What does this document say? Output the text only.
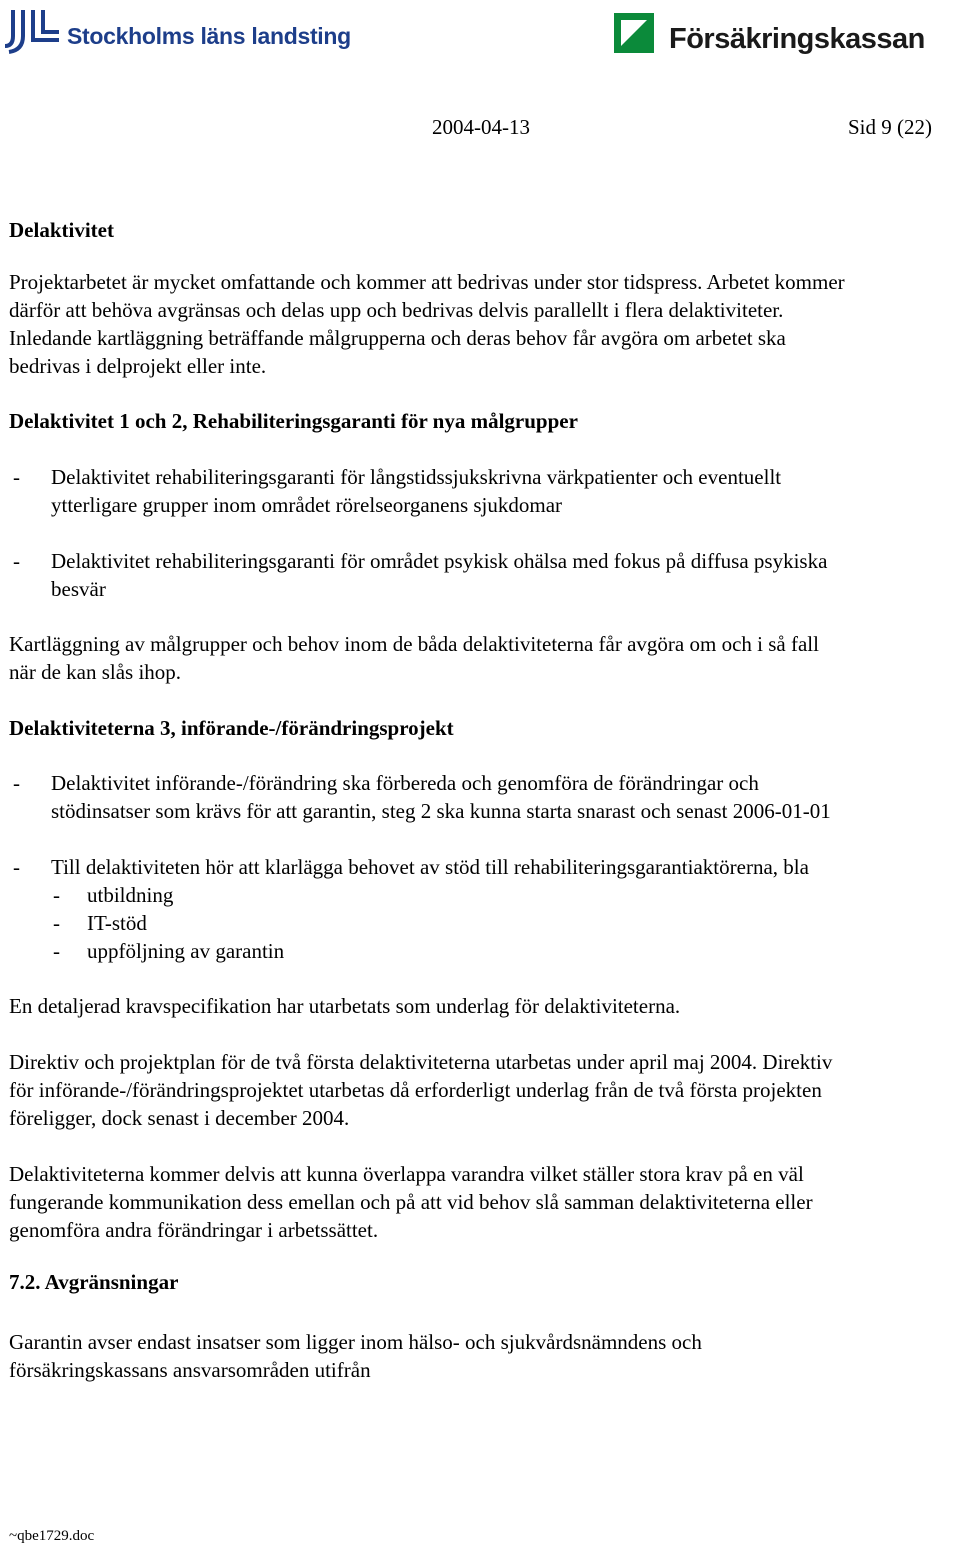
Stockholms läns landsting	Försäkringskassan
2004-04-13	Sid 9 (22)
Delaktivitet

Projektarbetet är mycket omfattande och kommer att bedrivas under stor tidspress. Arbetet kommer därför att behöva avgränsas och delas upp och bedrivas delvis parallellt i flera delaktiviteter. Inledande kartläggning beträffande målgrupperna och deras behov får avgöra om arbetet ska bedrivas i delprojekt eller inte.

Delaktivitet 1 och 2, Rehabiliteringsgaranti för nya målgrupper
- Delaktivitet rehabiliteringsgaranti för långstidssjukskrivna värkpatienter och eventuellt ytterligare grupper inom området rörelseorganens sjukdomar
- Delaktivitet rehabiliteringsgaranti för området psykisk ohälsa med fokus på diffusa psykiska besvär

Kartläggning av målgrupper och behov inom de båda delaktiviteterna får avgöra om och i så fall när de kan slås ihop.

Delaktiviteterna 3, införande-/förändringsprojekt
- Delaktivitet införande-/förändring ska förbereda och genomföra de förändringar och stödinsatser som krävs för att garantin, steg 2 ska kunna starta snarast och senast 2006-01-01
- Till delaktiviteten hör att klarlägga behovet av stöd till rehabiliteringsgarantiaktörerna, bla
- utbildning
- IT-stöd
- uppföljning av garantin

En detaljerad kravspecifikation har utarbetats som underlag för delaktiviteterna.

Direktiv och projektplan för de två första delaktiviteterna utarbetas under april maj 2004. Direktiv för införande-/förändringsprojektet utarbetas då erforderligt underlag från de två första projekten föreligger, dock senast i december 2004.

Delaktiviteterna kommer delvis att kunna överlappa varandra vilket ställer stora krav på en väl fungerande kommunikation dess emellan och på att vid behov slå samman delaktiviteterna eller genomföra andra förändringar i arbetssättet.

7.2. Avgränsningar

Garantin avser endast insatser som ligger inom hälso- och sjukvårdsnämndens och försäkringskassans ansvarsområden utifrån

~qbe1729.doc
